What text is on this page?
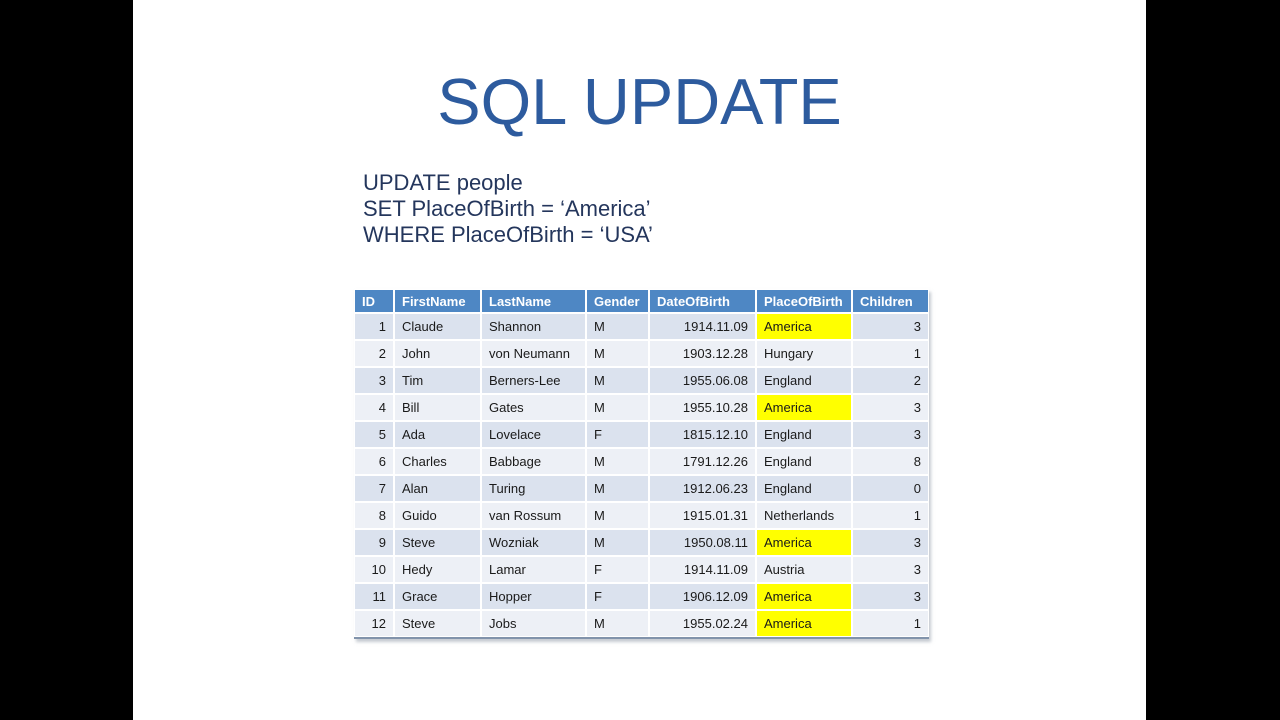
SQL UPDATE
UPDATE people
SET PlaceOfBirth = ‘America’
WHERE PlaceOfBirth = ‘USA’
ID	FirstName	LastName	Gender	DateOfBirth	PlaceOfBirth	Children
1	Claude	Shannon	M	1914.11.09	America	3
2	John	von Neumann	M	1903.12.28	Hungary	1
3	Tim	Berners-Lee	M	1955.06.08	England	2
4	Bill	Gates	M	1955.10.28	America	3
5	Ada	Lovelace	F	1815.12.10	England	3
6	Charles	Babbage	M	1791.12.26	England	8
7	Alan	Turing	M	1912.06.23	England	0
8	Guido	van Rossum	M	1915.01.31	Netherlands	1
9	Steve	Wozniak	M	1950.08.11	America	3
10	Hedy	Lamar	F	1914.11.09	Austria	3
11	Grace	Hopper	F	1906.12.09	America	3
12	Steve	Jobs	M	1955.02.24	America	1
